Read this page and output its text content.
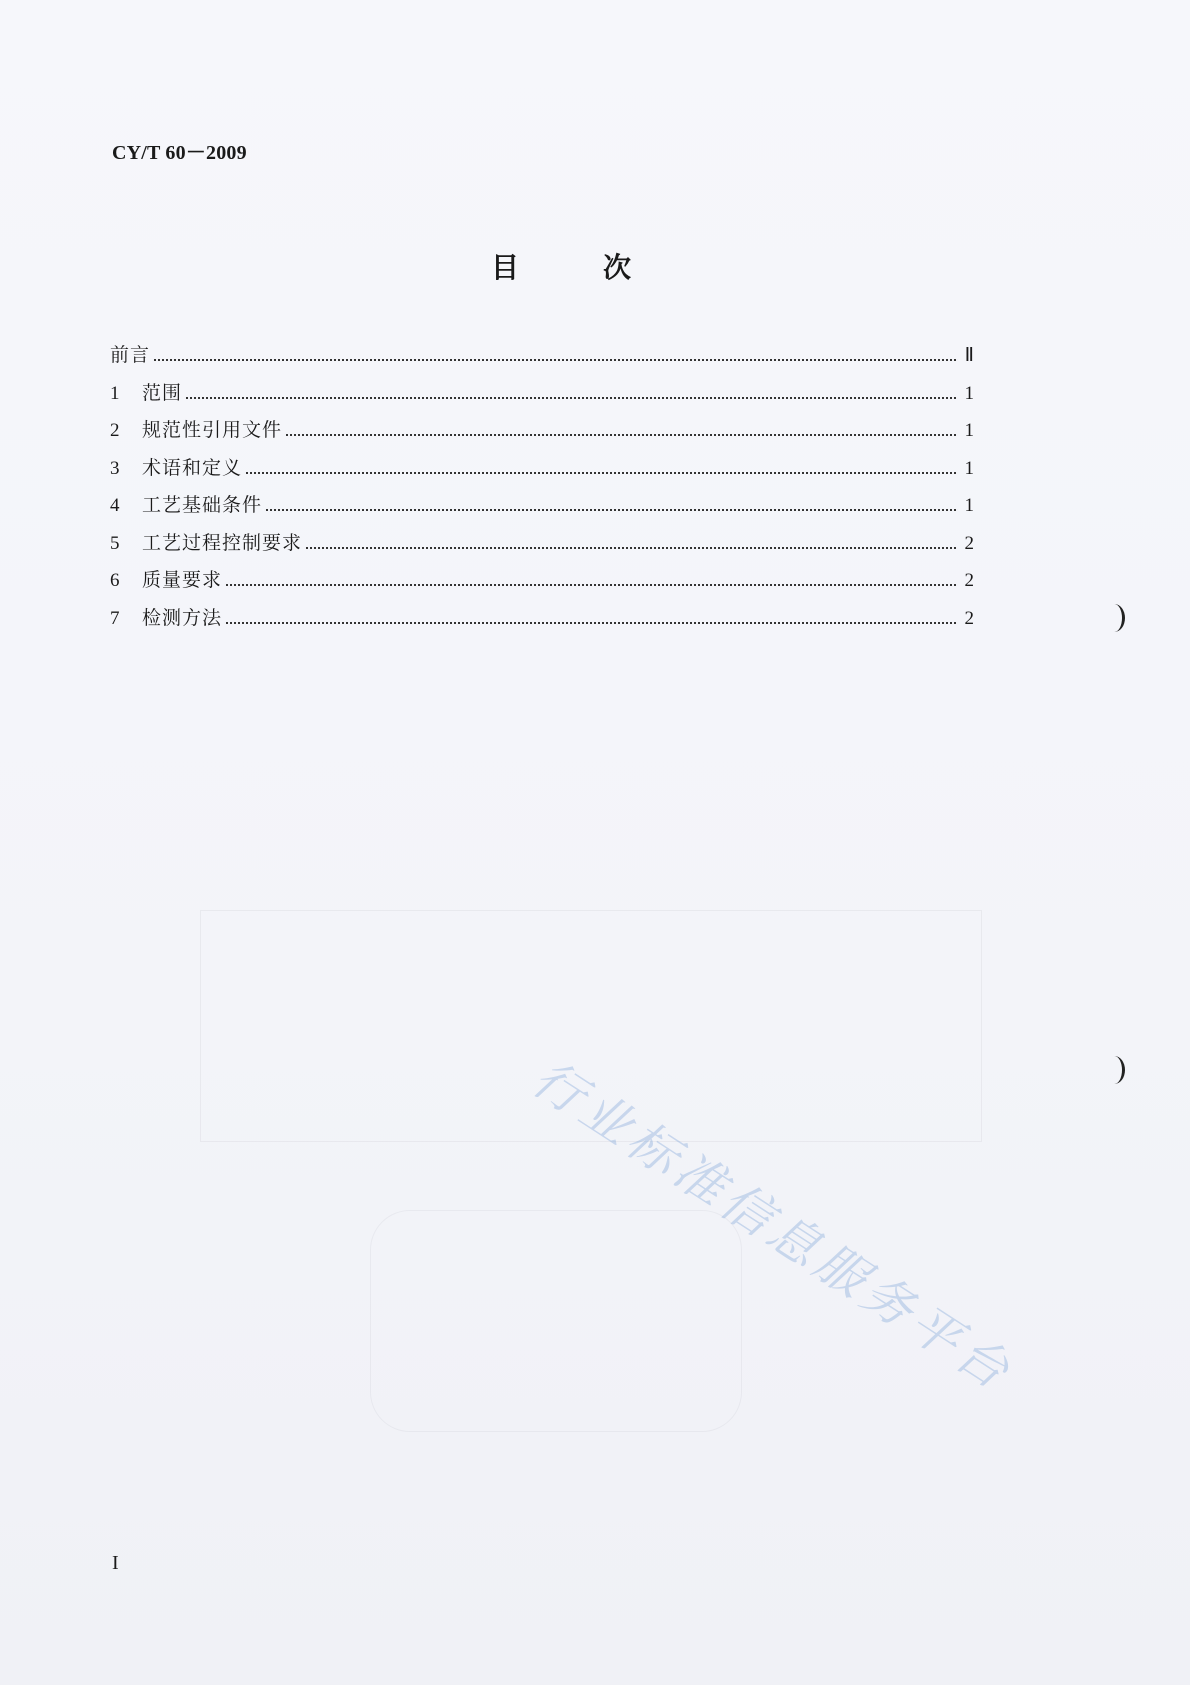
CY/T 60－2009
目　次
前言	Ⅱ
1	范围	1
2	规范性引用文件	1
3	术语和定义	1
4	工艺基础条件	1
5	工艺过程控制要求	2
6	质量要求	2
7	检测方法	2
行业标准信息服务平台
I
